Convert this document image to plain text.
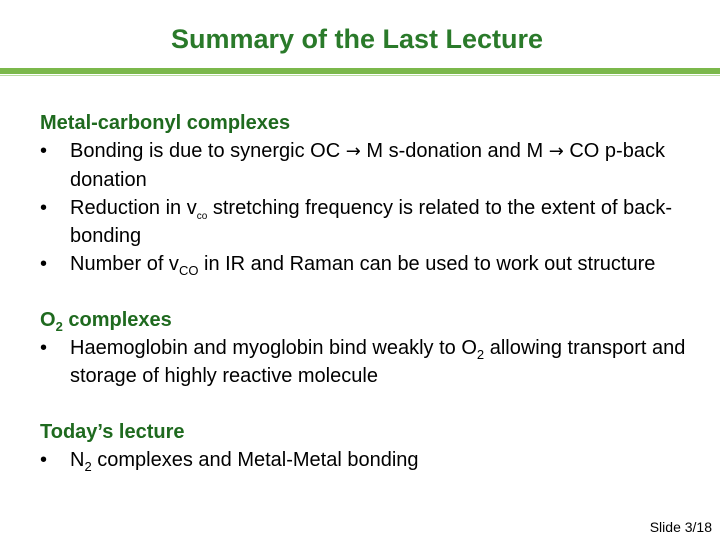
Summary of the Last Lecture
Metal-carbonyl complexes
• Bonding is due to synergic OC → M s-donation and M → CO p-back donation
• Reduction in $v_{co}$ stretching frequency is related to the extent of back-bonding
• Number of $v_{CO}$ in IR and Raman can be used to work out structure
$O_2$ complexes
• Haemoglobin and myoglobin bind weakly to $O_2$ allowing transport and storage of highly reactive molecule
Today’s lecture
• $N_2$ complexes and Metal-Metal bonding
Slide 3/18
